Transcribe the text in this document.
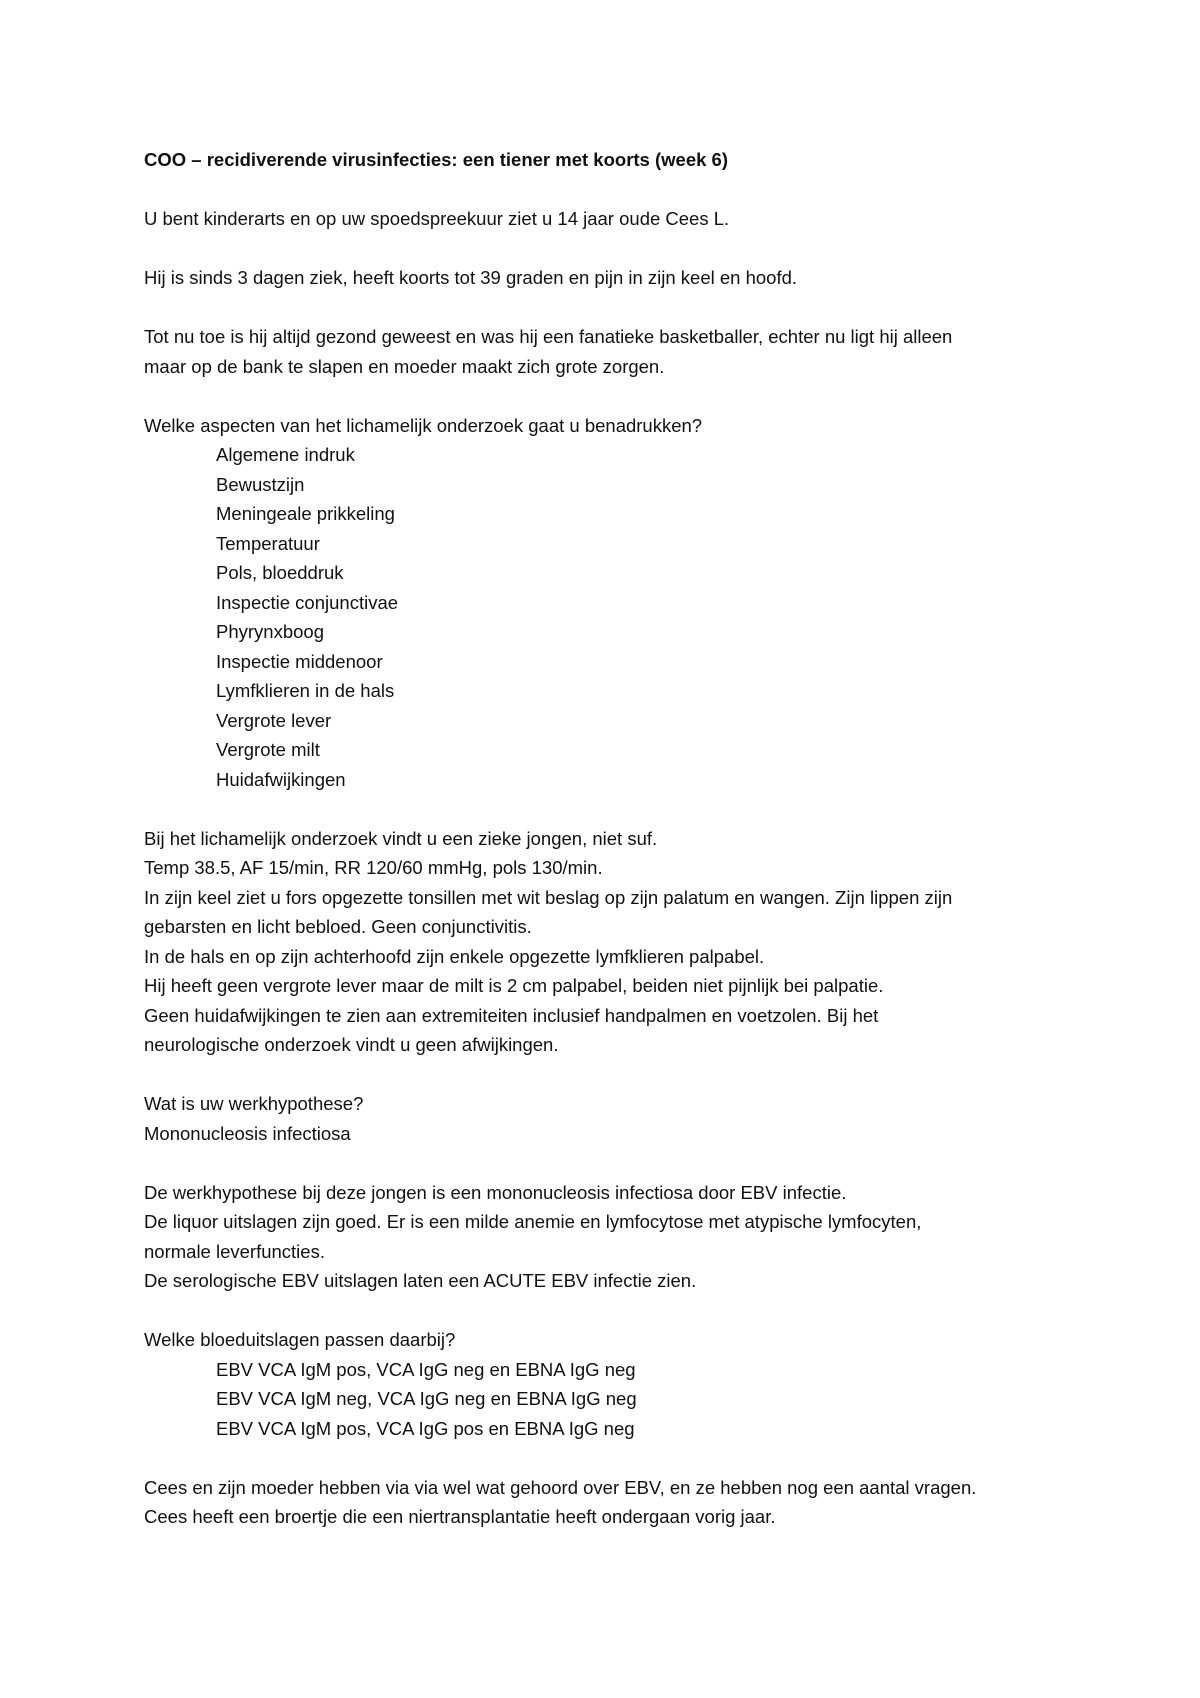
COO – recidiverende virusinfecties: een tiener met koorts (week 6)
U bent kinderarts en op uw spoedspreekuur ziet u 14 jaar oude Cees L.
Hij is sinds 3 dagen ziek, heeft koorts tot 39 graden en pijn in zijn keel en hoofd.
Tot nu toe is hij altijd gezond geweest en was hij een fanatieke basketballer, echter nu ligt hij alleen
maar op de bank te slapen en moeder maakt zich grote zorgen.
Welke aspecten van het lichamelijk onderzoek gaat u benadrukken?
Algemene indruk
Bewustzijn
Meningeale prikkeling
Temperatuur
Pols, bloeddruk
Inspectie conjunctivae
Phyrynxboog
Inspectie middenoor
Lymfklieren in de hals
Vergrote lever
Vergrote milt
Huidafwijkingen
Bij het lichamelijk onderzoek vindt u een zieke jongen, niet suf.
Temp 38.5, AF 15/min, RR 120/60 mmHg, pols 130/min.
In zijn keel ziet u fors opgezette tonsillen met wit beslag op zijn palatum en wangen. Zijn lippen zijn
gebarsten en licht bebloed. Geen conjunctivitis.
In de hals en op zijn achterhoofd zijn enkele opgezette lymfklieren palpabel.
Hij heeft geen vergrote lever maar de milt is 2 cm palpabel, beiden niet pijnlijk bei palpatie.
Geen huidafwijkingen te zien aan extremiteiten inclusief handpalmen en voetzolen. Bij het
neurologische onderzoek vindt u geen afwijkingen.
Wat is uw werkhypothese?
Mononucleosis infectiosa
De werkhypothese bij deze jongen is een mononucleosis infectiosa door EBV infectie.
De liquor uitslagen zijn goed. Er is een milde anemie en lymfocytose met atypische lymfocyten,
normale leverfuncties.
De serologische EBV uitslagen laten een ACUTE EBV infectie zien.
Welke bloeduitslagen passen daarbij?
EBV VCA IgM pos, VCA IgG neg en EBNA IgG neg
EBV VCA IgM neg, VCA IgG neg en EBNA IgG neg
EBV VCA IgM pos, VCA IgG pos en EBNA IgG neg
Cees en zijn moeder hebben via via wel wat gehoord over EBV, en ze hebben nog een aantal vragen.
Cees heeft een broertje die een niertransplantatie heeft ondergaan vorig jaar.
